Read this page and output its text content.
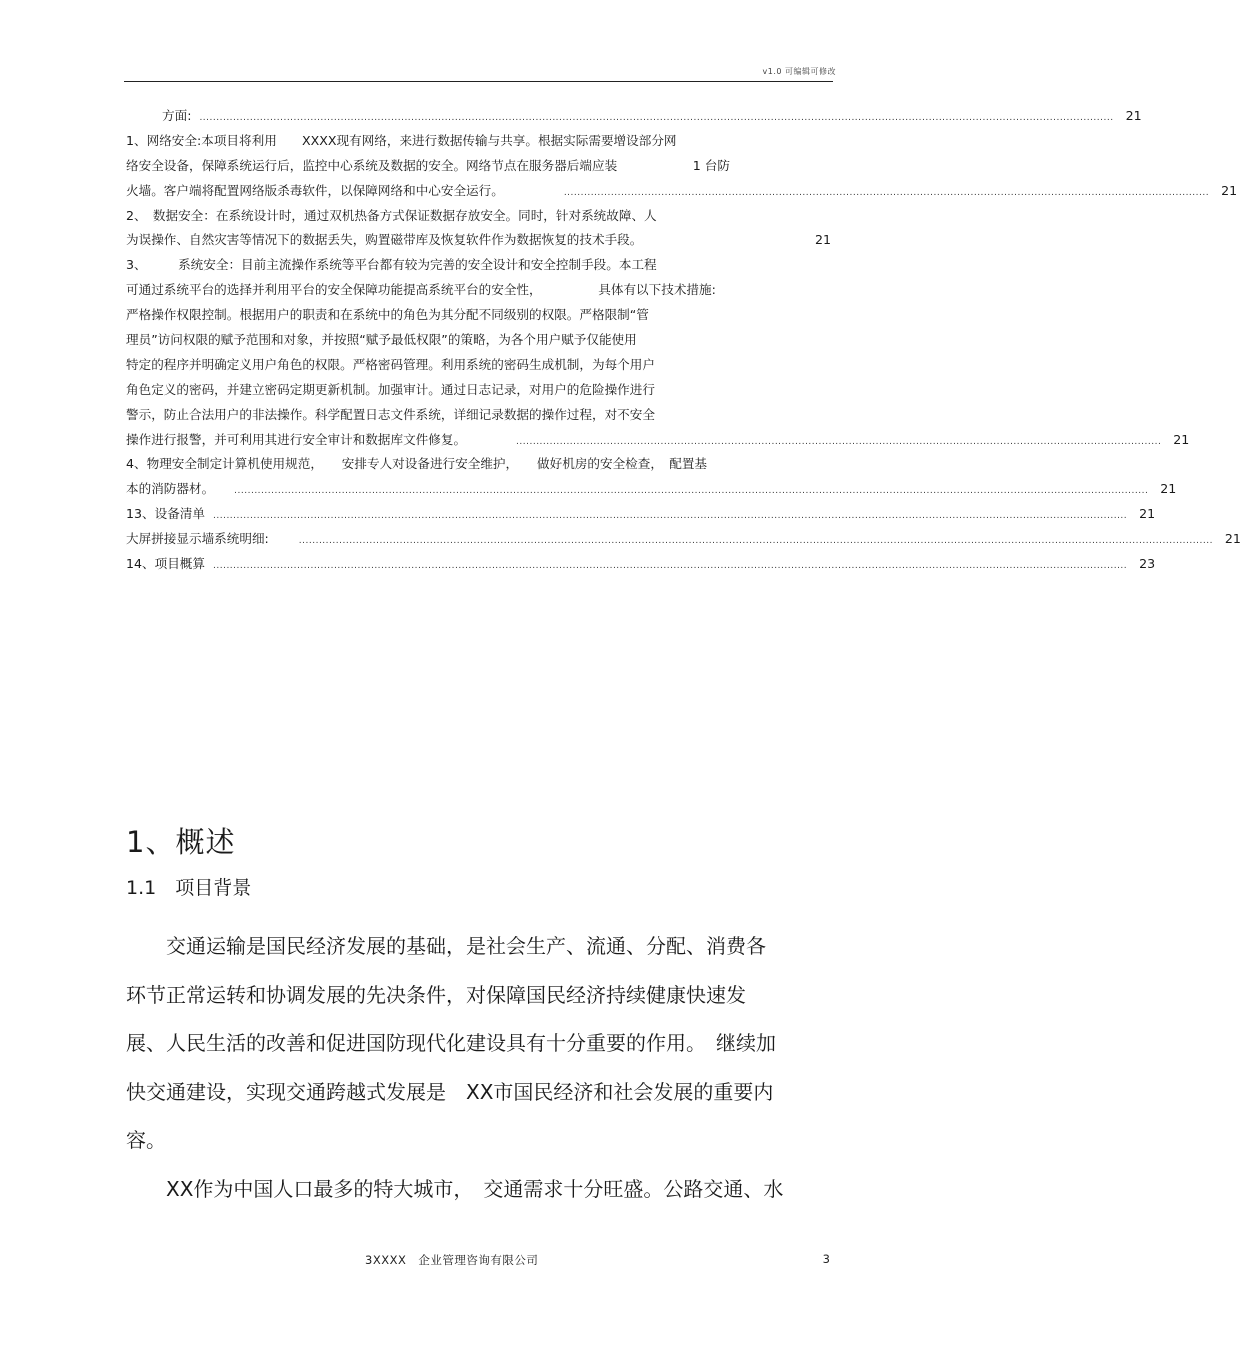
v1.0 可编辑可修改
方面: ................................................................................................................................................................................................................................................................................ 21
1、网络安全:本项目将利用　　XXXX现有网络，来进行数据传输与共享。根据实际需要增设部分网
络安全设备，保障系统运行后，监控中心系统及数据的安全。网络节点在服务器后端应装　　　　　　1 台防
火墙。客户端将配置网络版杀毒软件，以保障网络和中心安全运行。	................................................................................................................................................................................................ 21
2、　数据安全：在系统设计时，通过双机热备方式保证数据存放安全。同时，针对系统故障、人
为误操作、自然灾害等情况下的数据丢失，购置磁带库及恢复软件作为数据恢复的技术手段。	21
3、　　　系统安全：目前主流操作系统等平台都有较为完善的安全设计和安全控制手段。本工程
可通过系统平台的选择并利用平台的安全保障功能提高系统平台的安全性，　　　　　具体有以下技术措施:
严格操作权限控制。根据用户的职责和在系统中的角色为其分配不同级别的权限。严格限制“管
理员”访问权限的赋予范围和对象，并按照“赋予最低权限”的策略，为各个用户赋予仅能使用
特定的程序并明确定义用户角色的权限。严格密码管理。利用系统的密码生成机制，为每个用户
角色定义的密码，并建立密码定期更新机制。加强审计。通过日志记录，对用户的危险操作进行
警示，防止合法用户的非法操作。科学配置日志文件系统，详细记录数据的操作过程，对不安全
操作进行报警，并可利用其进行安全审计和数据库文件修复。	................................................................................................................................................................................................ 21
4、物理安全制定计算机使用规范，　　安排专人对设备进行安全维护，　　做好机房的安全检查，　配置基
本的消防器材。 ................................................................................................................................................................................................................................................................................ 21
13、设备清单 ................................................................................................................................................................................................................................................................................ 21
大屏拼接显示墙系统明细:	................................................................................................................................................................................................................................................................................ 21
14、项目概算 ................................................................................................................................................................................................................................................................................ 23
1、概述
1.1　项目背景
交通运输是国民经济发展的基础，是社会生产、流通、分配、消费各
环节正常运转和协调发展的先决条件，对保障国民经济持续健康快速发
展、人民生活的改善和促进国防现代化建设具有十分重要的作用。　继续加
快交通建设，实现交通跨越式发展是　XX市国民经济和社会发展的重要内
容。
XX作为中国人口最多的特大城市，　交通需求十分旺盛。公路交通、水
3XXXX　企业管理咨询有限公司	3
